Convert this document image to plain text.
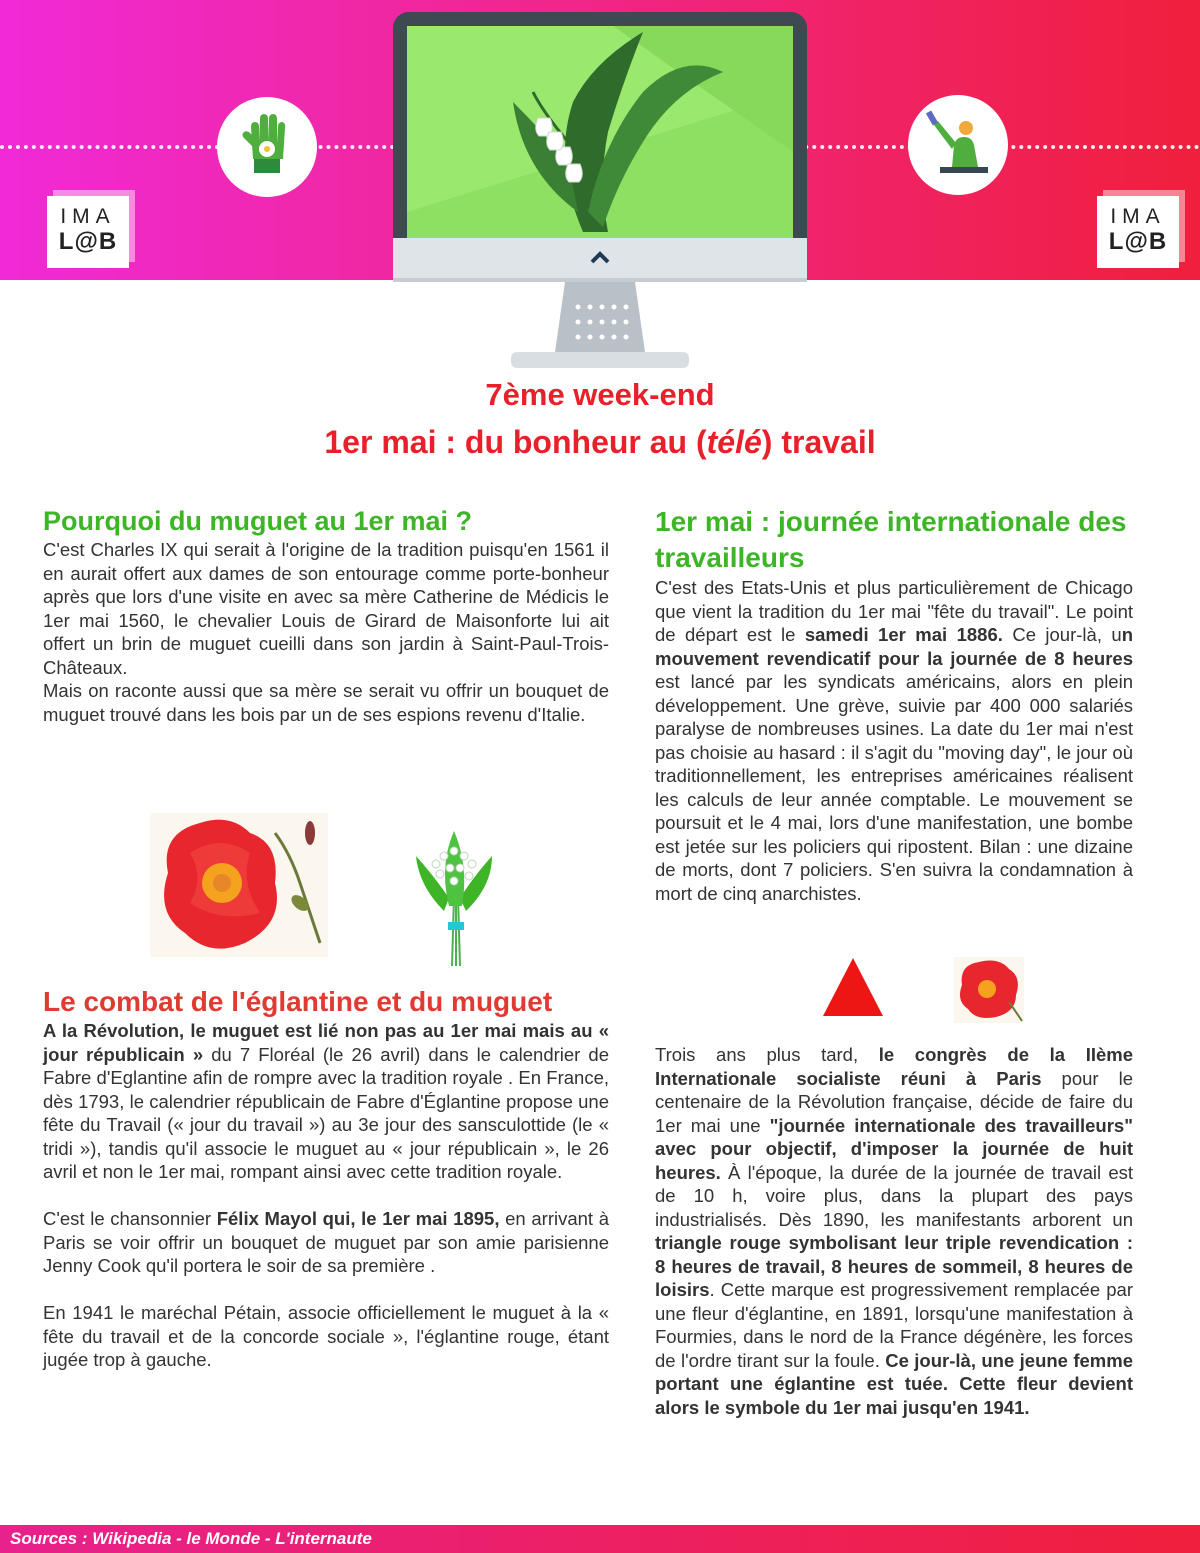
IMA
L@B
IMA
L@B
7ème week-end
1er mai : du bonheur au (télé) travail
Pourquoi du muguet au 1er mai ?

C'est Charles IX qui serait à l'origine de la tradition puisqu'en 1561 il en aurait offert aux dames de son entourage comme porte-bonheur après que lors d'une visite en avec sa mère Catherine de Médicis le 1er mai 1560, le chevalier Louis de Girard de Maisonforte lui ait offert un brin de muguet cueilli dans son jardin à Saint-Paul-Trois-Châteaux.

Mais on raconte aussi que sa mère se serait vu offrir un bouquet de muguet trouvé dans les bois par un de ses espions revenu d'Italie.

Le combat de l'églantine et du muguet

A la Révolution, le muguet est lié non pas au 1er mai mais au « jour républicain » du 7 Floréal (le 26 avril) dans le calendrier de Fabre d'Eglantine afin de rompre avec la tradition royale . En France, dès 1793, le calendrier républicain de Fabre d'Églantine propose une fête du Travail (« jour du travail ») au 3e jour des sansculottide (le « tridi »), tandis qu'il associe le muguet au « jour républicain », le 26 avril et non le 1er mai, rompant ainsi avec cette tradition royale.

C'est le chansonnier Félix Mayol qui, le 1er mai 1895, en arrivant à Paris se voir offrir un bouquet de muguet par son amie parisienne Jenny Cook qu'il portera le soir de sa première .

En 1941 le maréchal Pétain, associe officiellement le muguet à la « fête du travail et de la concorde sociale », l'églantine rouge, étant jugée trop à gauche.

1er mai : journée internationale des travailleurs

C'est des Etats-Unis et plus particulièrement de Chicago que vient la tradition du 1er mai "fête du travail". Le point de départ est le samedi 1er mai 1886. Ce jour-là, un mouvement revendicatif pour la journée de 8 heures est lancé par les syndicats américains, alors en plein développement. Une grève, suivie par 400 000 salariés paralyse de nombreuses usines. La date du 1er mai n'est pas choisie au hasard : il s'agit du "moving day", le jour où traditionnellement, les entreprises américaines réalisent les calculs de leur année comptable. Le mouvement se poursuit et le 4 mai, lors d'une manifestation, une bombe est jetée sur les policiers qui ripostent. Bilan : une dizaine de morts, dont 7 policiers. S'en suivra la condamnation à mort de cinq anarchistes.

Trois ans plus tard, le congrès de la IIème Internationale socialiste réuni à Paris pour le centenaire de la Révolution française, décide de faire du 1er mai une "journée internationale des travailleurs" avec pour objectif, d'imposer la journée de huit heures. À l'époque, la durée de la journée de travail est de 10 h, voire plus, dans la plupart des pays industrialisés. Dès 1890, les manifestants arborent un triangle rouge symbolisant leur triple revendication : 8 heures de travail, 8 heures de sommeil, 8 heures de loisirs. Cette marque est progressivement remplacée par une fleur d'églantine, en 1891, lorsqu'une manifestation à Fourmies, dans le nord de la France dégénère, les forces de l'ordre tirant sur la foule. Ce jour-là, une jeune femme portant une églantine est tuée. Cette fleur devient alors le symbole du 1er mai jusqu'en 1941.

Sources : Wikipedia - le Monde - L'internaute
